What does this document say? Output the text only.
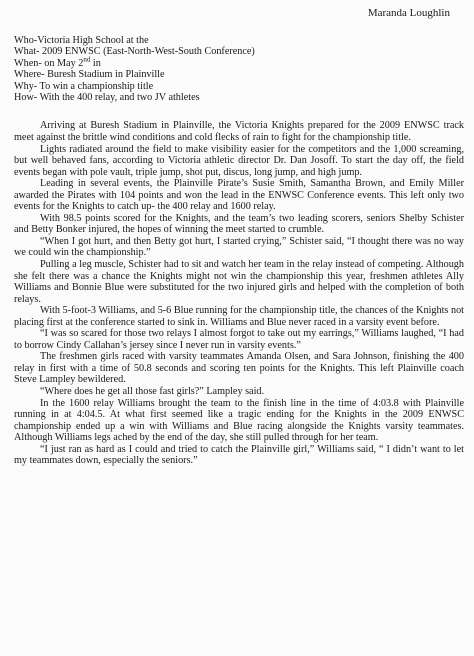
Maranda Loughlin
Who-Victoria High School at the
What- 2009 ENWSC (East-North-West-South Conference)
When- on May 2nd in
Where- Buresh Stadium in Plainville
Why- To win a championship title
How- With the 400 relay, and two JV athletes

Arriving at Buresh Stadium in Plainville, the Victoria Knights prepared for the 2009 ENWSC track meet against the brittle wind conditions and cold flecks of rain to fight for the championship title.

Lights radiated around the field to make visibility easier for the competitors and the 1,000 screaming, but well behaved fans, according to Victoria athletic director Dr. Dan Josoff. To start the day off, the field events began with pole vault, triple jump, shot put, discus, long jump, and high jump.

Leading in several events, the Plainville Pirate’s Susie Smith, Samantha Brown, and Emily Miller awarded the Pirates with 104 points and won the lead in the ENWSC Conference events. This left only two events for the Knights to catch up- the 400 relay and 1600 relay.

With 98.5 points scored for the Knights, and the team’s two leading scorers, seniors Shelby Schister and Betty Bonker injured, the hopes of winning the meet started to crumble.

“When I got hurt, and then Betty got hurt, I started crying,” Schister said, “I thought there was no way we could win the championship.”

Pulling a leg muscle, Schister had to sit and watch her team in the relay instead of competing. Although she felt there was a chance the Knights might not win the championship this year, freshmen athletes Ally Williams and Bonnie Blue were substituted for the two injured girls and helped with the completion of both relays.

With 5-foot-3 Williams, and 5-6 Blue running for the championship title, the chances of the Knights not placing first at the conference started to sink in. Williams and Blue never raced in a varsity event before.

“I was so scared for those two relays I almost forgot to take out my earrings,” Williams laughed, “I had to borrow Cindy Callahan’s jersey since I never run in varsity events.”

The freshmen girls raced with varsity teammates Amanda Olsen, and Sara Johnson, finishing the 400 relay in first with a time of 50.8 seconds and scoring ten points for the Knights. This left Plainville coach Steve Lampley bewildered.

“Where does he get all those fast girls?” Lampley said.

In the 1600 relay Williams brought the team to the finish line in the time of 4:03.8 with Plainville running in at 4:04.5. At what first seemed like a tragic ending for the Knights in the 2009 ENWSC championship ended up a win with Williams and Blue racing alongside the Knights varsity teammates. Although Williams legs ached by the end of the day, she still pulled through for her team.

“I just ran as hard as I could and tried to catch the Plainville girl,” Williams said, “ I didn’t want to let my teammates down, especially the seniors.”
